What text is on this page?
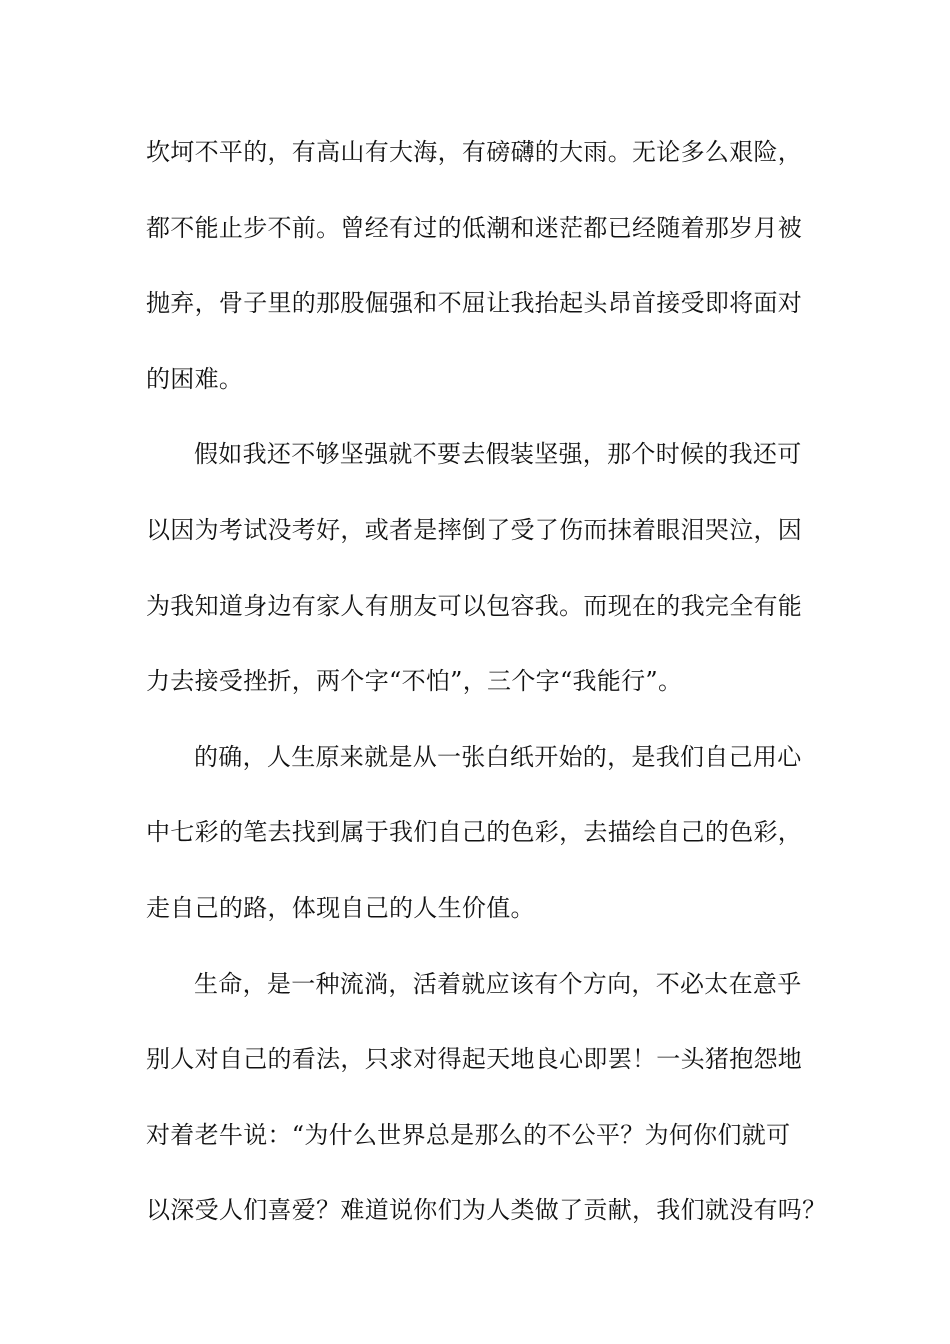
坎坷不平的，有高山有大海，有磅礴的大雨。无论多么艰险，
都不能止步不前。曾经有过的低潮和迷茫都已经随着那岁月被
抛弃，骨子里的那股倔强和不屈让我抬起头昂首接受即将面对
的困难。
假如我还不够坚强就不要去假装坚强，那个时候的我还可
以因为考试没考好，或者是摔倒了受了伤而抹着眼泪哭泣，因
为我知道身边有家人有朋友可以包容我。而现在的我完全有能
力去接受挫折，两个字“不怕”，三个字“我能行”。
的确，人生原来就是从一张白纸开始的，是我们自己用心
中七彩的笔去找到属于我们自己的色彩，去描绘自己的色彩，
走自己的路，体现自己的人生价值。
生命，是一种流淌，活着就应该有个方向，不必太在意乎
别人对自己的看法，只求对得起天地良心即罢！一头猪抱怨地
对着老牛说：“为什么世界总是那么的不公平？为何你们就可
以深受人们喜爱？难道说你们为人类做了贡献，我们就没有吗？
